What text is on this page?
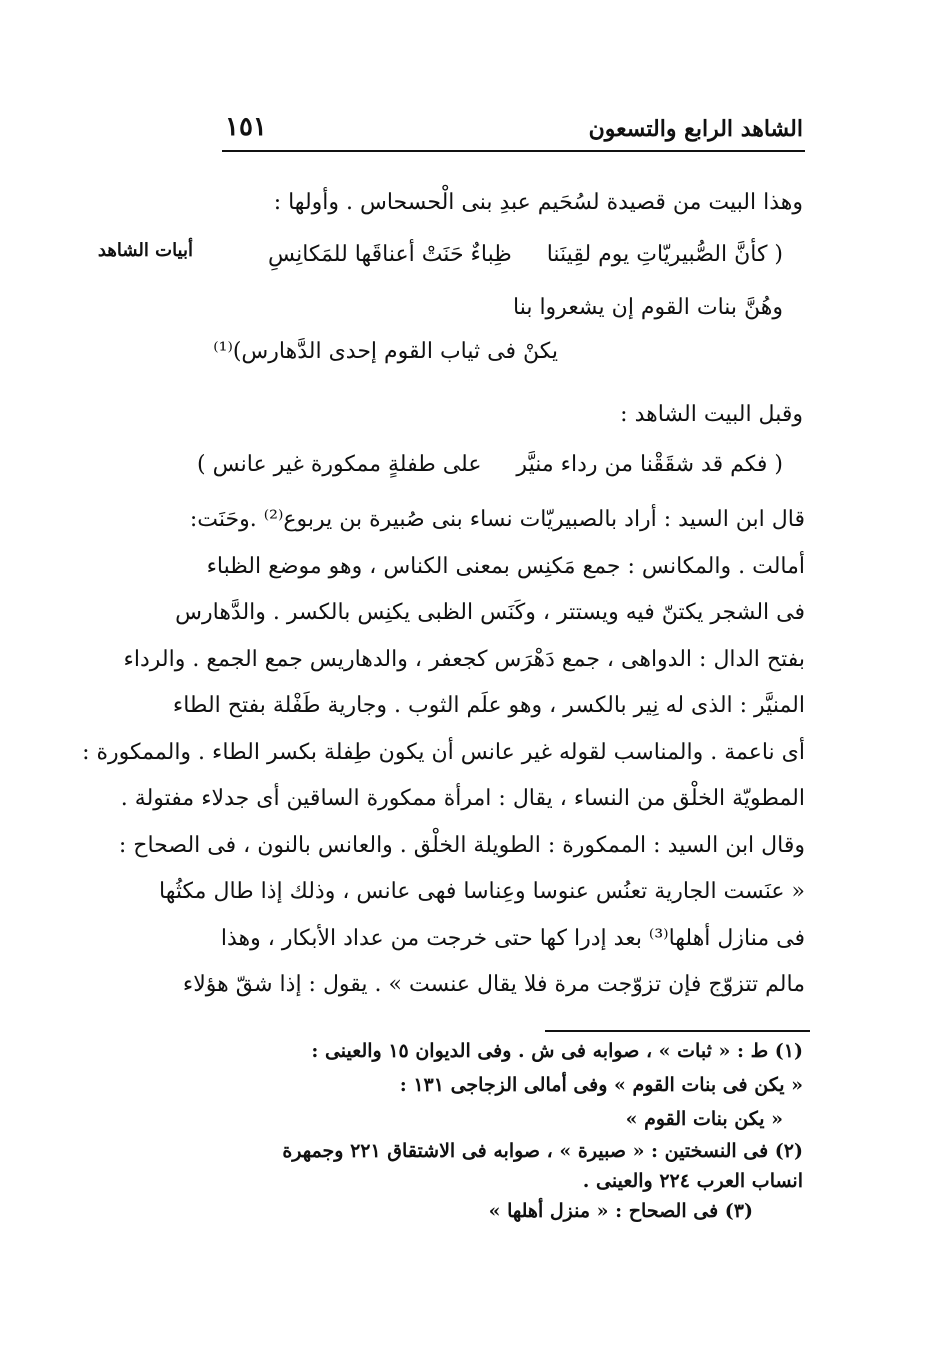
الشاهد الرابع والتسعون
١٥١
أبيات الشاهد
وهذا البيت من قصيدة لسُحَيم عبدِ بنى الْحسحاس . وأولها :
( كأنَّ الصُّبيريّاتِ يوم لقِينَنا     ظِباءٌ حَنَتْ أعناقَها للمَكانِسِ
وهُنَّ بنات القوم إن يشعروا بنا
يكنْ فى ثياب القوم إحدى الدَّهارس)⁽¹⁾
وقبل البيت الشاهد :
( فكم قد شقَقْنا من رداء منيَّر     على طفلةٍ ممكورة غير عانس )
قال ابن السيد : أراد بالصبيريّات نساء بنى صُبيرة بن يربوع⁽²⁾ .وحَنَت:
أمالت . والمكانس : جمع مَكنِس بمعنى الكناس ، وهو موضع الظباء
فى الشجر يكتنّ فيه ويستتر ، وكَنَس الظبى يكنِس بالكسر . والدَّهارس
بفتح الدال : الدواهى ، جمع دَهْرَس كجعفر ، والدهاريس جمع الجمع . والرداء
المنيَّر : الذى له نِير بالكسر ، وهو علَم الثوب . وجارية طَفْلة بفتح الطاء
أى ناعمة . والمناسب لقوله غير عانس أن يكون طِفلة بكسر الطاء . والممكورة :
المطويّة الخلْق من النساء ، يقال : امرأة ممكورة الساقين أى جدلاء مفتولة .
وقال ابن السيد : الممكورة : الطويلة الخلْق . والعانس بالنون ، فى الصحاح :
« عنَست الجارية تعنُس عنوسا وعِناسا فهى عانس ، وذلك إذا طال مكثُها
فى منازل أهلها⁽³⁾ بعد إدرا كها حتى خرجت من عداد الأبكار ، وهذا
مالم تتزوّج فإن تزوّجت مرة فلا يقال عنست » . يقول : إذا شقّ هؤلاء
(١) ط : « ثبات » ، صوابه فى ش . وفى الديوان ١٥ والعينى :
« يكن فى بنات القوم » وفى أمالى الزجاجى ١٣١ :
« يكن بنات القوم »
(٢) فى النسختين : « صبيرة » ، صوابه فى الاشتقاق ٢٢١ وجمهرة
انساب العرب ٢٢٤ والعينى .
(٣) فى الصحاح : « منزل أهلها »
